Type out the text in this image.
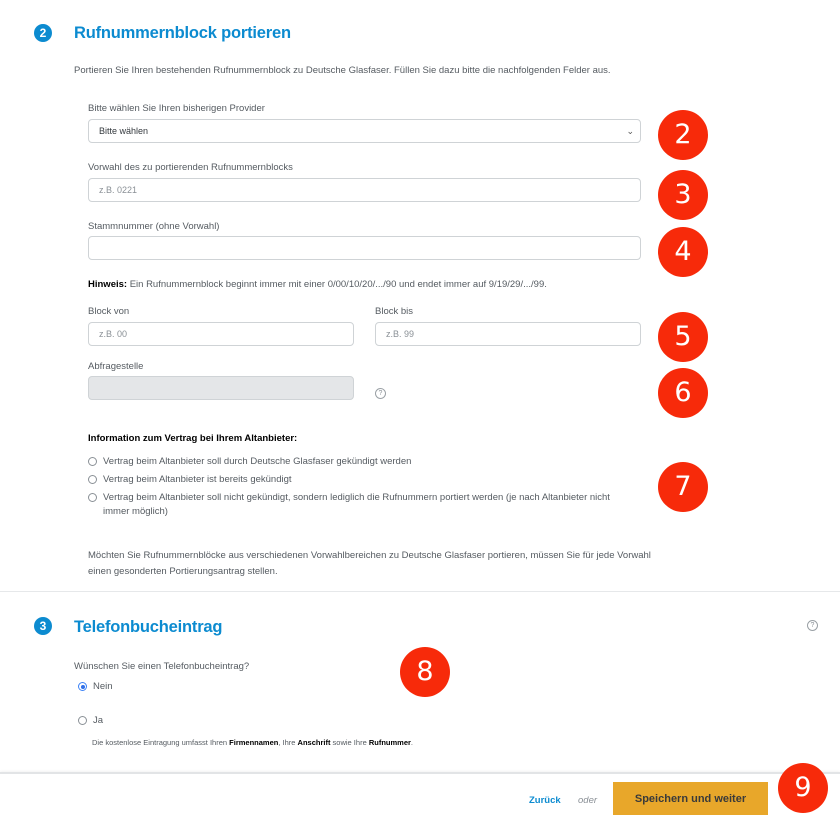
2	Rufnummernblock portieren
Portieren Sie Ihren bestehenden Rufnummernblock zu Deutsche Glasfaser. Füllen Sie dazu bitte die nachfolgenden Felder aus.
Bitte wählen Sie Ihren bisherigen Provider
Bitte wählen	⌄
Vorwahl des zu portierenden Rufnummernblocks
z.B. 0221
Stammnummer (ohne Vorwahl)
Hinweis: Ein Rufnummernblock beginnt immer mit einer 0/00/10/20/.../90 und endet immer auf 9/19/29/.../99.
Block von
z.B. 00
Block bis
z.B. 99
Abfragestelle
?
Information zum Vertrag bei Ihrem Altanbieter:
Vertrag beim Altanbieter soll durch Deutsche Glasfaser gekündigt werden
Vertrag beim Altanbieter ist bereits gekündigt
Vertrag beim Altanbieter soll nicht gekündigt, sondern lediglich die Rufnummern portiert werden (je nach Altanbieter nicht immer möglich)
Möchten Sie Rufnummernblöcke aus verschiedenen Vorwahlbereichen zu Deutsche Glasfaser portieren, müssen Sie für jede Vorwahl einen gesonderten Portierungsantrag stellen.
3	Telefonbucheintrag	?
Wünschen Sie einen Telefonbucheintrag?
Nein
Ja
Die kostenlose Eintragung umfasst Ihren Firmennamen, Ihre Anschrift sowie Ihre Rufnummer.
Zurück oder	Speichern und weiter
2
3
4
5
6
7
8
9
